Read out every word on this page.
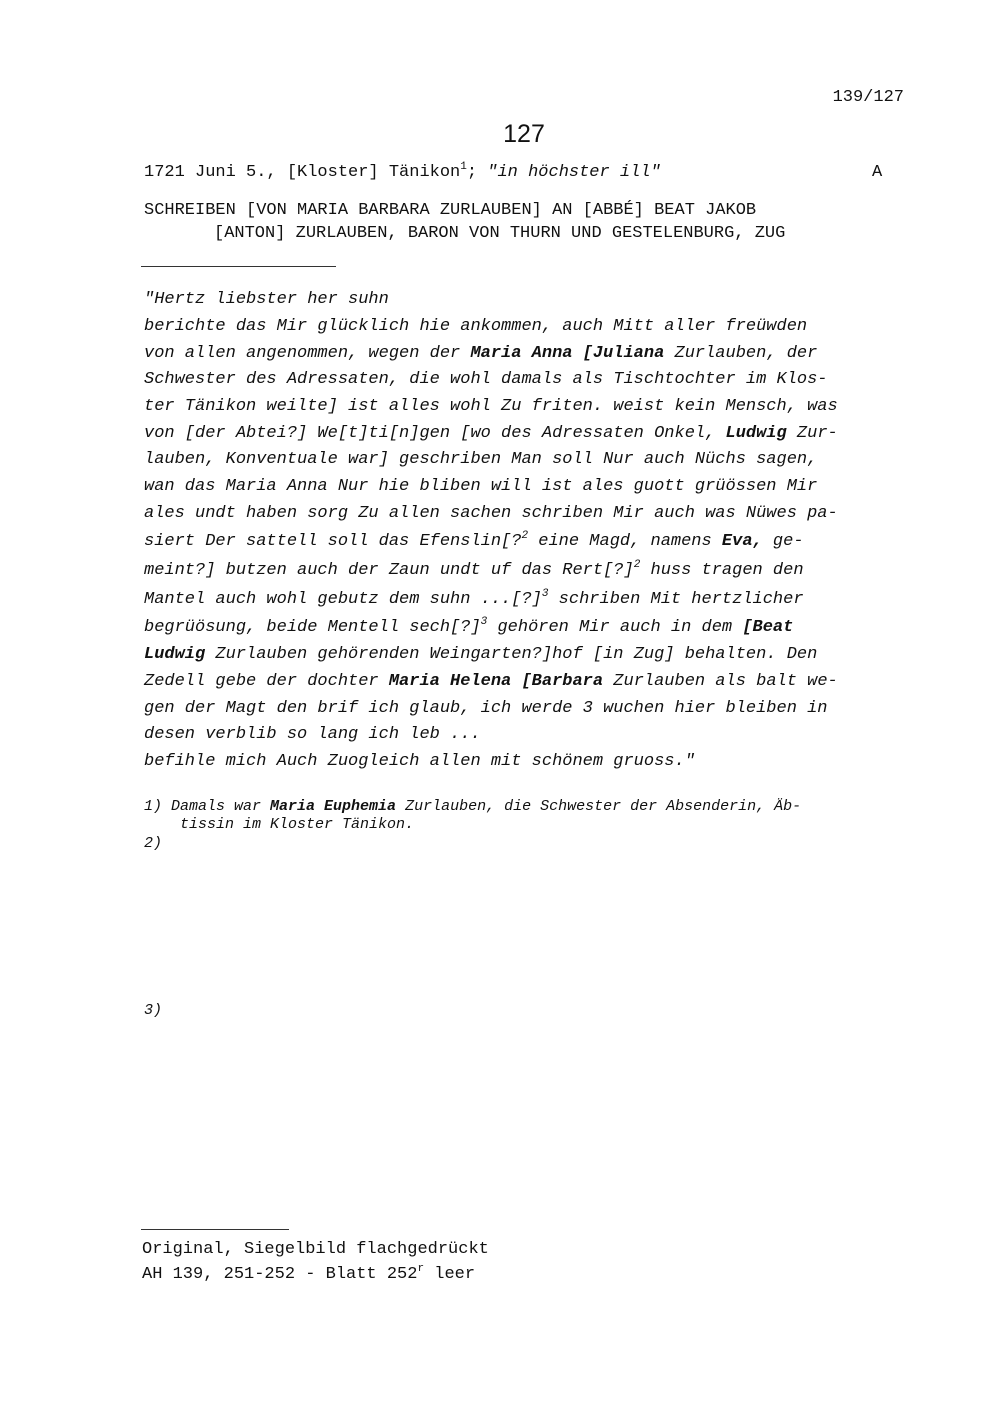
139/127
127
1721 Juni 5., [Kloster] Tänikon$^1$; "in höchster ill"	A
SCHREIBEN [VON MARIA BARBARA ZURLAUBEN] AN [ABBÉ] BEAT JAKOB
[ANTON] ZURLAUBEN, BARON VON THURN UND GESTELENBURG, ZUG
"Hertz liebster her suhn
berichte das Mir glücklich hie ankommen, auch Mitt aller freüwden
von allen angenommen, wegen der Maria Anna [Juliana Zurlauben, der
Schwester des Adressaten, die wohl damals als Tischtochter im Klos-
ter Tänikon weilte] ist alles wohl Zu friten. weist kein Mensch, was
von [der Abtei?] We[t]ti[n]gen [wo des Adressaten Onkel, Ludwig Zur-
lauben, Konventuale war] geschriben Man soll Nur auch Nüchs sagen,
wan das Maria Anna Nur hie bliben will ist ales guott grüössen Mir
ales undt haben sorg Zu allen sachen schriben Mir auch was Nüwes pa-
siert Der sattell soll das Efenslin[?$^2$ eine Magd, namens Eva, ge-
meint?] butzen auch der Zaun undt uf das Rert[?]$^2$ huss tragen den
Mantel auch wohl gebutz dem suhn ...[?]$^3$ schriben Mit hertzlicher
begrüösung, beide Mentell sech[?]$^3$ gehören Mir auch in dem [Beat
Ludwig Zurlauben gehörenden Weingarten?]hof [in Zug] behalten. Den
Zedell gebe der dochter Maria Helena [Barbara Zurlauben als balt we-
gen der Magt den brif ich glaub, ich werde 3 wuchen hier bleiben in
desen verblib so lang ich leb ...
befihle mich Auch Zuogleich allen mit schönem gruoss."
1) Damals war Maria Euphemia Zurlauben, die Schwester der Absenderin, Äb-
tissin im Kloster Tänikon.
2)
3)
Original, Siegelbild flachgedrückt
AH 139, 251-252 - Blatt 252$^r$ leer
